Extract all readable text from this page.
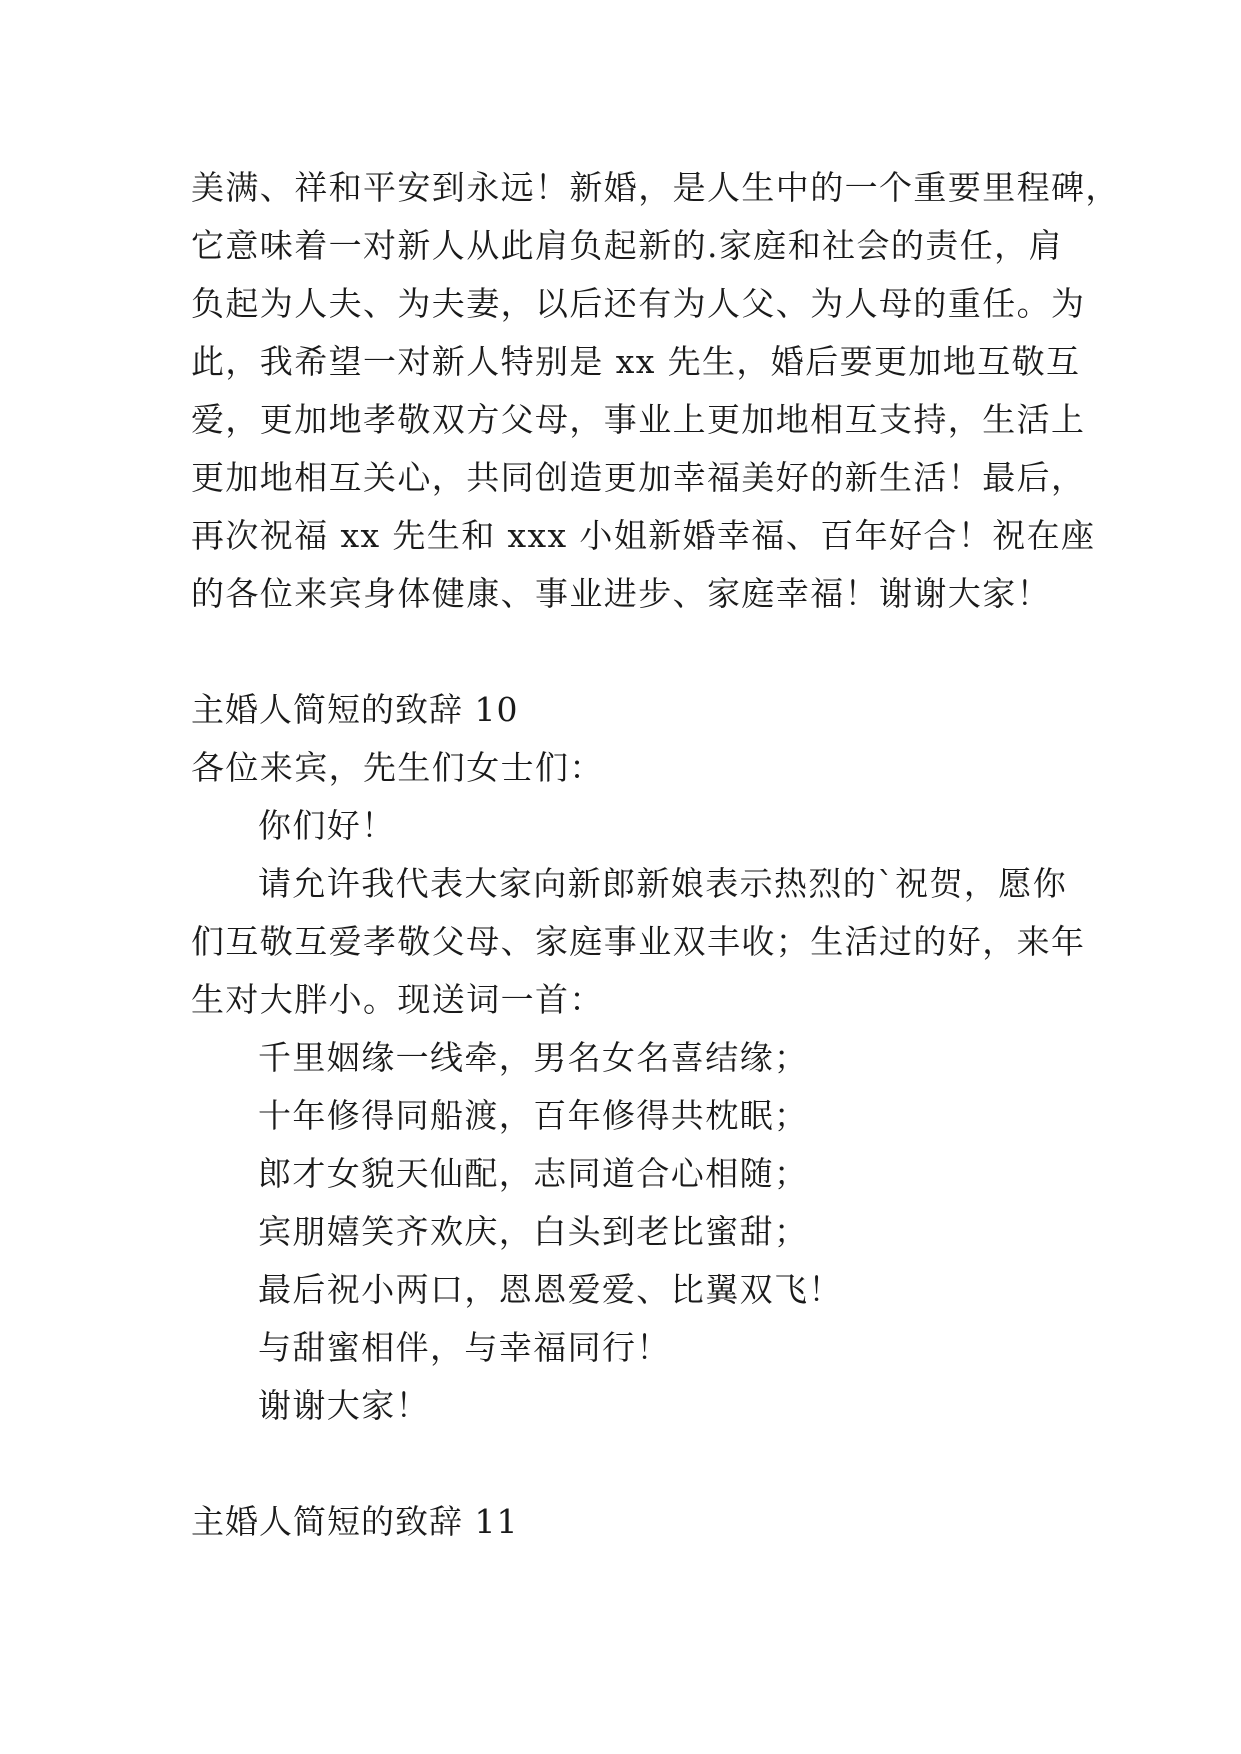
美满、祥和平安到永远！新婚，是人生中的一个重要里程碑，

它意味着一对新人从此肩负起新的.家庭和社会的责任，肩

负起为人夫、为夫妻，以后还有为人父、为人母的重任。为

此，我希望一对新人特别是 xx 先生，婚后要更加地互敬互

爱，更加地孝敬双方父母，事业上更加地相互支持，生活上

更加地相互关心，共同创造更加幸福美好的新生活！最后，

再次祝福 xx 先生和 xxx 小姐新婚幸福、百年好合！祝在座

的各位来宾身体健康、事业进步、家庭幸福！谢谢大家！

主婚人简短的致辞 10

各位来宾，先生们女士们：

你们好！

请允许我代表大家向新郎新娘表示热烈的`祝贺，愿你

们互敬互爱孝敬父母、家庭事业双丰收；生活过的好，来年

生对大胖小。现送词一首：

千里姻缘一线牵，男名女名喜结缘；

十年修得同船渡，百年修得共枕眠；

郎才女貌天仙配，志同道合心相随；

宾朋嬉笑齐欢庆，白头到老比蜜甜；

最后祝小两口，恩恩爱爱、比翼双飞！

与甜蜜相伴，与幸福同行！

谢谢大家！

主婚人简短的致辞 11
